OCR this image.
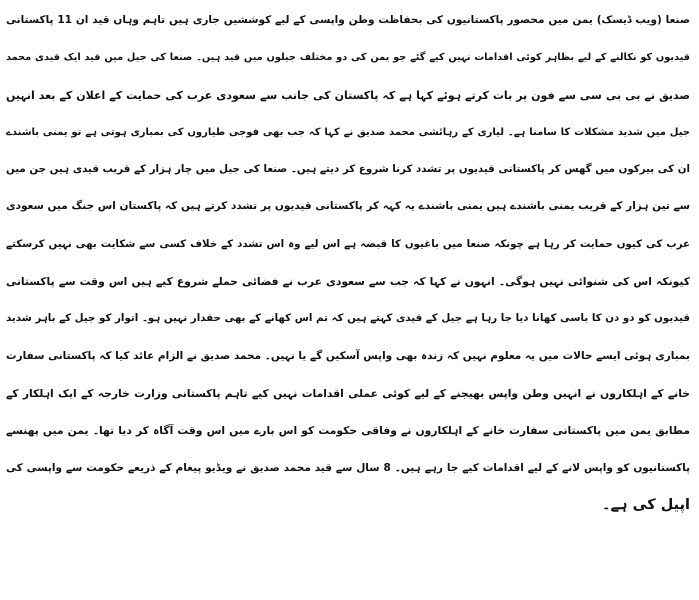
صنعا (ویب ڈیسک) یمن میں محصور پاکستانیوں کی بحفاظت وطن واپسی کے لیے کوششیں جاری ہیں تاہم وہاں قید ان 11 پاکستانی
قیدیوں کو نکالنے کے لیے بظاہر کوئی اقدامات نہیں کیے گئے جو یمن کی دو مختلف جیلوں میں قید ہیں۔ صنعا کی جیل میں قید ایک قیدی محمد
صدیق نے بی بی سی سے فون پر بات کرتے ہوئے کہا ہے کہ پاکستان کی جانب سے سعودی عرب کی حمایت کے اعلان کے بعد انہیں
جیل میں شدید مشکلات کا سامنا ہے۔ لیاری کے رہائشی محمد صدیق نے کہا کہ جب بھی فوجی طیاروں کی بمباری ہوتی ہے تو یمنی باشندے
ان کی بیرکوں میں گھس کر پاکستانی قیدیوں پر تشدد کرنا شروع کر دیتے ہیں۔ صنعا کی جیل میں چار ہزار کے قریب قیدی ہیں جن میں
سے تین ہزار کے قریب یمنی باشندے ہیں یمنی باشندے یہ کہہ کر پاکستانی قیدیوں پر تشدد کرتے ہیں کہ پاکستان اس جنگ میں سعودی
عرب کی کیوں حمایت کر رہا ہے چونکہ صنعا میں باغیوں کا قبضہ ہے اس لیے وہ اس تشدد کے خلاف کسی سے شکایت بھی نہیں کرسکتے
کیونکہ اس کی شنوائی نہیں ہوگی۔ انہوں نے کہا کہ جب سے سعودی عرب نے فضائی حملے شروع کیے ہیں اس وقت سے پاکستانی
قیدیوں کو دو دن کا باسی کھانا دیا جا رہا ہے جیل کے قیدی کہتے ہیں کہ تم اس کھانے کے بھی حقدار نہیں ہو۔ اتوار کو جیل کے باہر شدید
بمباری ہوئی ایسے حالات میں یہ معلوم نہیں کہ زندہ بھی واپس آسکیں گے یا نہیں۔ محمد صدیق نے الزام عائد کیا کہ پاکستانی سفارت
خانے کے اہلکاروں نے انہیں وطن واپس بھیجنے کے لیے کوئی عملی اقدامات نہیں کیے تاہم پاکستانی وزارت خارجہ کے ایک اہلکار کے
مطابق یمن میں پاکستانی سفارت خانے کے اہلکاروں نے وفاقی حکومت کو اس بارے میں اس وقت آگاہ کر دیا تھا۔ یمن میں پھنسے
پاکستانیوں کو واپس لانے کے لیے اقدامات کیے جا رہے ہیں۔ 8 سال سے قید محمد صدیق نے ویڈیو پیغام کے ذریعے حکومت سے واپسی کی
اپیل کی ہے۔
